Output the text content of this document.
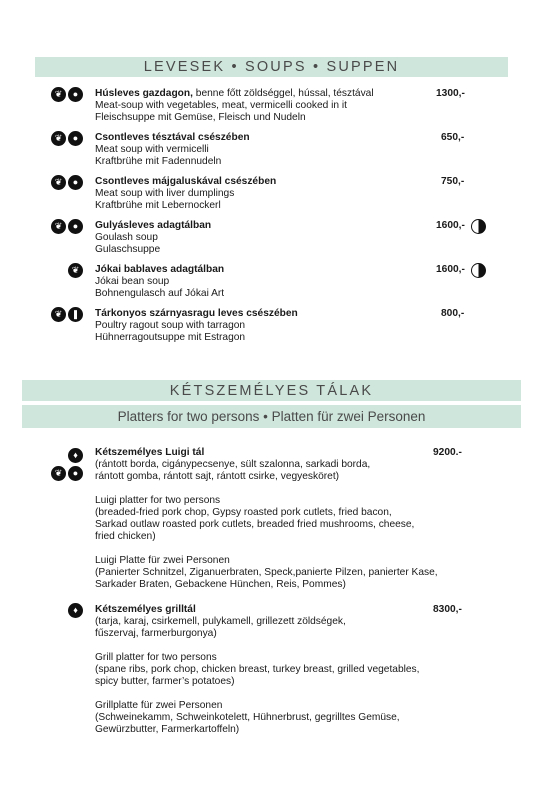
LEVESEK • SOUPS • SUPPEN
❦	●	Húsleves gazdagon, benne főtt zöldséggel, hússal, tésztával
Meat-soup with vegetables, meat, vermicelli cooked in it
Fleischsuppe mit Gemüse, Fleisch und Nudeln
1300,-
❦	●	Csontleves tésztával csészében
Meat soup with vermicelli
Kraftbrühe mit Fadennudeln
650,-
❦	●	Csontleves májgaluskával csészében
Meat soup with liver dumplings
Kraftbrühe mit Lebernockerl
750,-
❦	●	Gulyásleves adagtálban
Goulash soup
Gulaschsuppe
1600,-
❦	Jókai bablaves adagtálban
Jókai bean soup
Bohnengulasch auf Jókai Art
1600,-
❦	❚	Tárkonyos szárnyasragu leves csészében
Poultry ragout soup with tarragon
Hühnerragoutsuppe mit Estragon
800,-
KÉTSZEMÉLYES TÁLAK
Platters for two persons • Platten für zwei Personen
♦
❦	●
Kétszemélyes Luigi tál
(rántott borda, cigánypecsenye, sült szalonna, sarkadi borda,
rántott gomba, rántott sajt, rántott csirke, vegyesköret)
Luigi platter for two persons
(breaded-fried pork chop, Gypsy roasted pork cutlets, fried bacon,
Sarkad outlaw roasted pork cutlets, breaded fried mushrooms, cheese,
fried chicken)
Luigi Platte für zwei Personen
(Panierter Schnitzel, Ziganuerbraten, Speck,panierte Pilzen, panierter Kase,
Sarkader Braten, Gebackene Hünchen, Reis, Pommes)
9200.-
♦	Kétszemélyes grilltál
(tarja, karaj, csirkemell, pulykamell, grillezett zöldségek,
fűszervaj, farmerburgonya)
Grill platter for two persons
(spane ribs, pork chop, chicken breast, turkey breast, grilled vegetables,
spicy butter, farmer’s potatoes)
Grillplatte für zwei Personen
(Schweinekamm, Schweinkotelett, Hühnerbrust, gegrilltes Gemüse,
Gewürzbutter, Farmerkartoffeln)
8300,-
